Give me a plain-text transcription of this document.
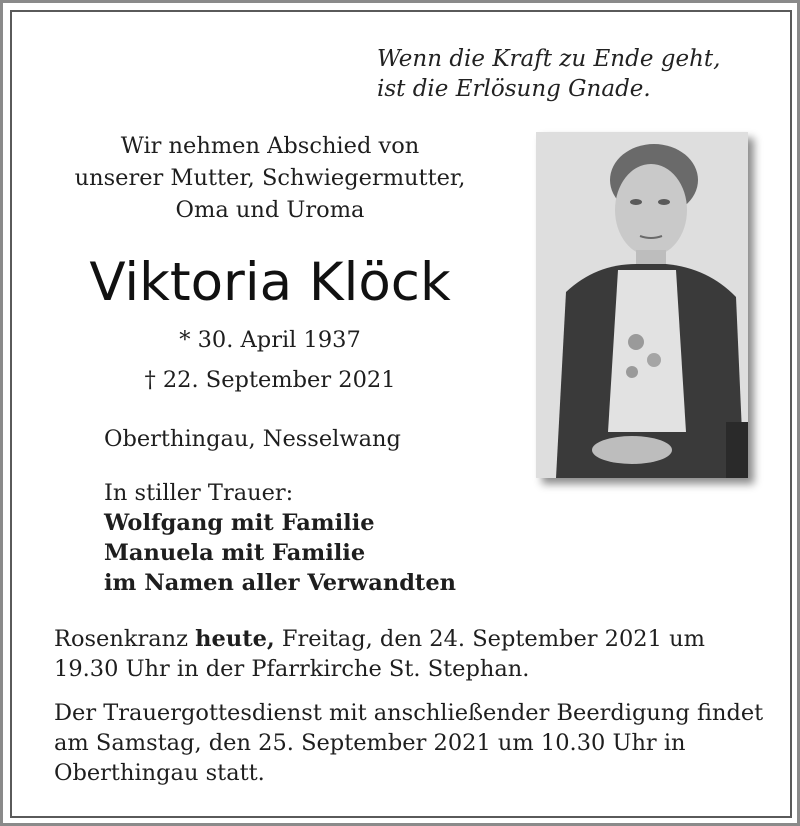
Wenn die Kraft zu Ende geht,
ist die Erlösung Gnade.
Wir nehmen Abschied von
unserer Mutter, Schwiegermutter,
Oma und Uroma
Viktoria Klöck
* 30. April 1937
† 22. September 2021
Oberthingau, Nesselwang
In stiller Trauer:
Wolfgang mit Familie
Manuela mit Familie
im Namen aller Verwandten
Rosenkranz heute, Freitag, den 24. September 2021 um 19.30 Uhr in der Pfarrkirche St. Stephan.
Der Trauergottesdienst mit anschließender Beerdigung findet am Samstag, den 25. September 2021 um 10.30 Uhr in Oberthingau statt.
